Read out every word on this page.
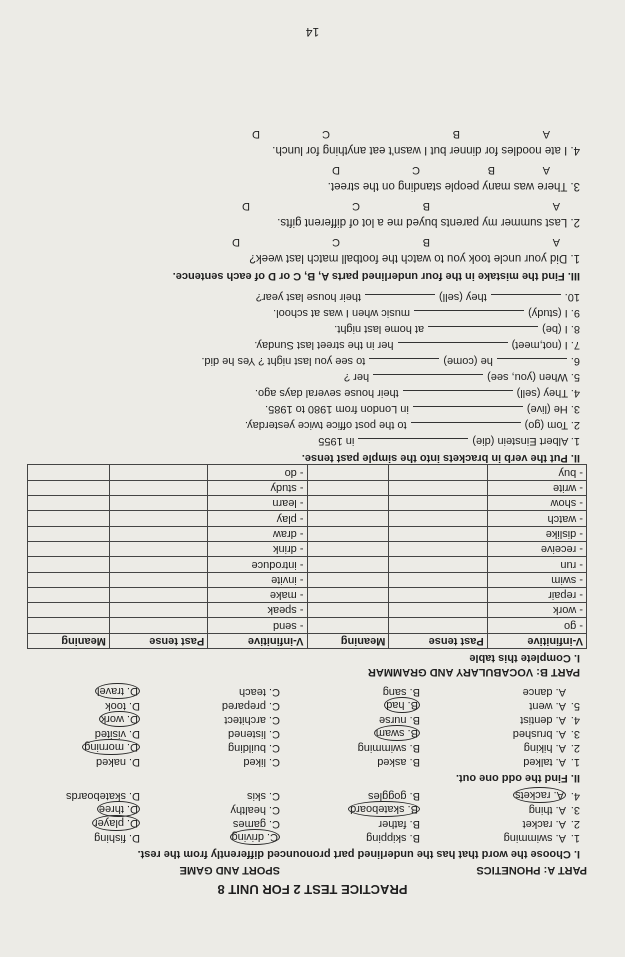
PRACTICE TEST 2 FOR UNIT 8
PART A: PHONETICS
SPORT AND GAME
I. Choose the word that has the underlined part pronounced differently from the rest.
1.
A. swimming
B. skipping
C. driving
D. fishing
2.
A. racket
B. father
C. games
D. player
3.
A. thing
B. skateboard
C. healthy
D. three
4.
A. rackets
B. goggles
C. skis
D. skateboards
II. Find the odd one out.
1.
A. talked
B. asked
C. liked
D. naked
2.
A. hiking
B. swimming
C. building
D. morning
3.
A. brushed
B. swam
C. listened
D. visited
4.
A. dentist
B. nurse
C. architect
D. work
5.
A. went
B. had
C. prepared
D. took
A. dance
B. sang
C. teach
D. travel
PART B: VOCABULARY AND GRAMMAR
I. Complete this table
V-infinitive	Past tense	Meaning	V-infinitive	Past tense	Meaning
- go			- send		
- work			- speak		
- repair			- make		
- swim			- invite		
- run			- introduce		
- receive			- drink		
- dislike			- draw		
- watch			- play		
- show			- learn		
- write			- study		
- buy			- do		
II. Put the verb in brackets into the simple past tense.
1. Albert Einstein (die)in 1955
2. Tom (go)to the post office twice yesterday.
3. He (live)in London from 1980 to 1985.
4. They (sell)their house several days ago.
5. When (you, see)her ?
6.he (come)to see you last night ? Yes he did.
7. I (not,meet)her in the street last Sunday.
8. I (be)at home last night.
9. I (study)music when I was at school.
10.they (sell)their house last year?
III. Find the mistake in the four underlined parts A, B, C or D of each sentence.
1. Did your uncle took you to watch the football match last week?
A
B
C
D
2. Last summer my parents buyed me a lot of different gifts.
A
B
C
D
3. There was many people standing on the street.
A
B
C
D
4. I ate noodles for dinner but I wasn't eat anything for lunch.
A
B
C
D
14
